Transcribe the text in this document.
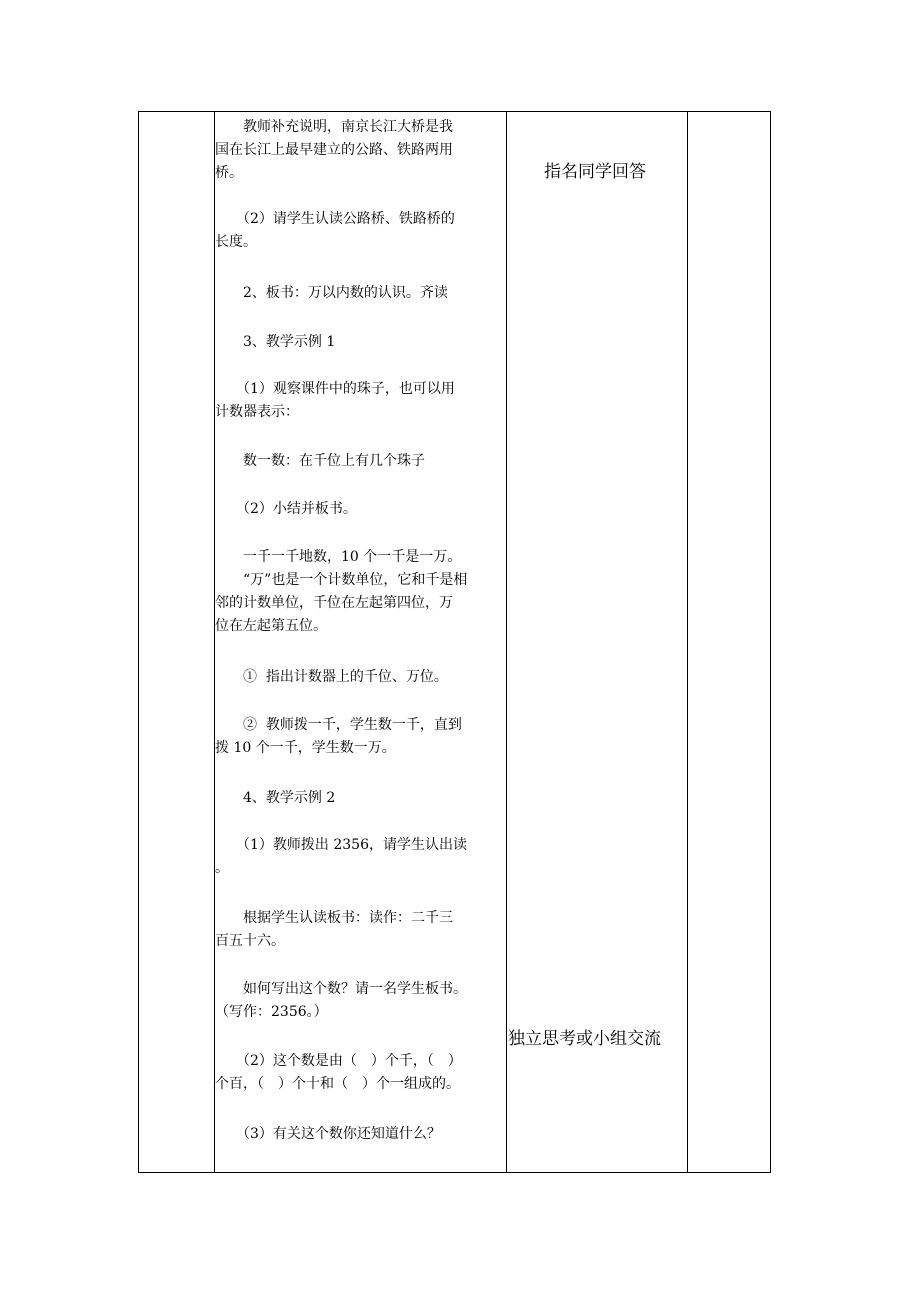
　　教师补充说明，南京长江大桥是我
国在长江上最早建立的公路、铁路两用
桥。
　　（2）请学生认读公路桥、铁路桥的
长度。
　　2、板书：万以内数的认识。齐读
　　3、教学示例 1
　　（1）观察课件中的珠子，也可以用
计数器表示：
　　数一数：在千位上有几个珠子
　　（2）小结并板书。
　　一千一千地数，10 个一千是一万。
　　“万”也是一个计数单位，它和千是相
邻的计数单位，千位在左起第四位，万
位在左起第五位。
　　①  指出计数器上的千位、万位。
　　②  教师拨一千，学生数一千，直到
拨 10 个一千，学生数一万。
　　4、教学示例 2
　　（1）教师拨出 2356，请学生认出读
。
　　根据学生认读板书：读作：二千三
百五十六。
　　如何写出这个数？请一名学生板书。
（写作：2356。）
　　（2）这个数是由（　）个千，（　）
个百，（　）个十和（　）个一组成的。
　　（3）有关这个数你还知道什么？
指名同学回答
独立思考或小组交流
